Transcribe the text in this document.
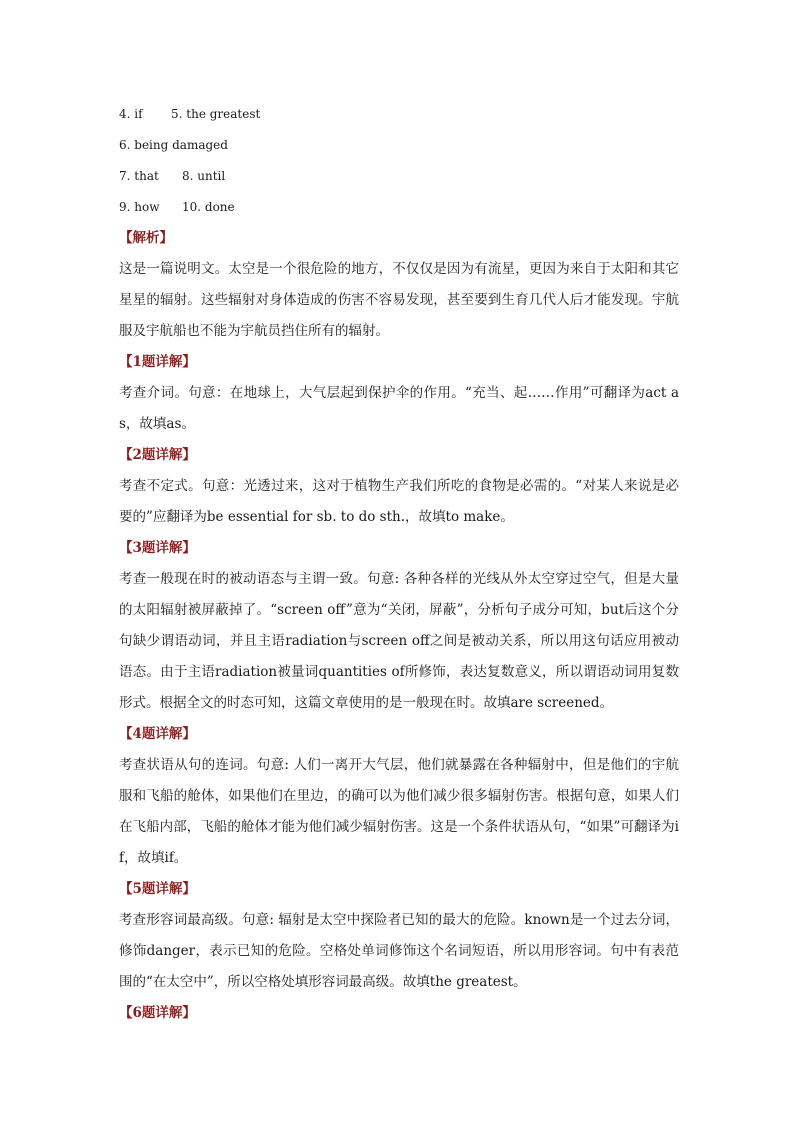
4. if 5. the greatest
6. being damaged
7. that 8. until
9. how 10. done
【解析】

这是一篇说明文。太空是一个很危险的地方，不仅仅是因为有流星，更因为来自于太阳和其它星星的辐射。这些辐射对身体造成的伤害不容易发现，甚至要到生育几代人后才能发现。宇航服及宇航船也不能为宇航员挡住所有的辐射。

【1题详解】

考查介词。句意：在地球上，大气层起到保护伞的作用。“充当、起……作用”可翻译为act as，故填as。

【2题详解】

考查不定式。句意：光透过来，这对于植物生产我们所吃的食物是必需的。“对某人来说是必要的”应翻译为be essential for sb. to do sth.，故填to make。

【3题详解】

考查一般现在时的被动语态与主谓一致。句意: 各种各样的光线从外太空穿过空气，但是大量的太阳辐射被屏蔽掉了。“screen off”意为“关闭，屏蔽”，分析句子成分可知，but后这个分句缺少谓语动词，并且主语radiation与screen off之间是被动关系，所以用这句话应用被动语态。由于主语radiation被量词quantities of所修饰，表达复数意义，所以谓语动词用复数形式。根据全文的时态可知，这篇文章使用的是一般现在时。故填are screened。

【4题详解】

考查状语从句的连词。句意: 人们一离开大气层，他们就暴露在各种辐射中，但是他们的宇航服和飞船的舱体，如果他们在里边，的确可以为他们减少很多辐射伤害。根据句意，如果人们在飞船内部，飞船的舱体才能为他们减少辐射伤害。这是一个条件状语从句，“如果”可翻译为if，故填if。

【5题详解】

考查形容词最高级。句意: 辐射是太空中探险者已知的最大的危险。known是一个过去分词，修饰danger，表示已知的危险。空格处单词修饰这个名词短语，所以用形容词。句中有表范围的“在太空中”，所以空格处填形容词最高级。故填the greatest。

【6题详解】
